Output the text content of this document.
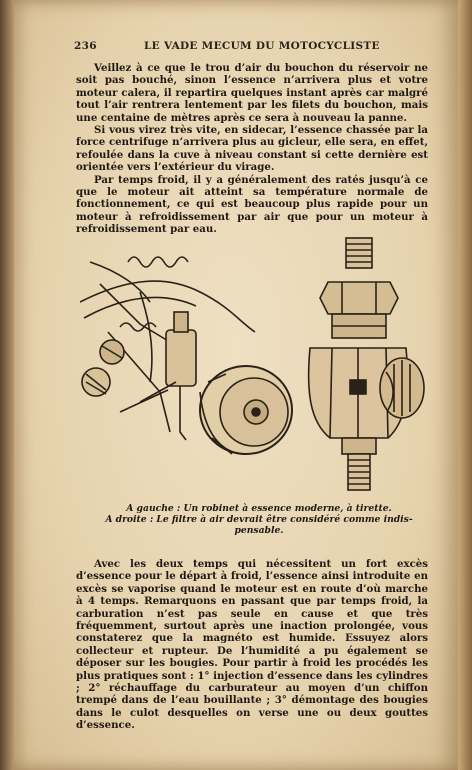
236	LE VADE MECUM DU MOTOCYCLISTE

Veillez à ce que le trou d’air du bouchon du réservoir ne soit pas bouché, sinon l’essence n’arrivera plus et votre moteur calera, il repartira quelques instant après car malgré tout l’air rentrera lentement par les filets du bouchon, mais une centaine de mètres après ce sera à nouveau la panne.

Si vous virez très vite, en sidecar, l’essence chassée par la force centrifuge n’arrivera plus au gicleur, elle sera, en effet, refoulée dans la cuve à niveau constant si cette dernière est orientée vers l’extérieur du virage.

Par temps froid, il y a généralement des ratés jusqu’à ce que le moteur ait atteint sa température normale de fonctionnement, ce qui est beaucoup plus rapide pour un moteur à refroidissement par air que pour un moteur à refroidissement par eau.

A gauche : Un robinet à essence moderne, à tirette.
A droite : Le filtre à air devrait être considéré comme indis-
pensable.

Avec les deux temps qui nécessitent un fort excès d’essence pour le départ à froid, l’essence ainsi introduite en excès se vaporise quand le moteur est en route d’où marche à 4 temps. Remarquons en passant que par temps froid, la carburation n’est pas seule en cause et que très fréquemment, surtout après une inaction prolongée, vous constaterez que la magnéto est humide. Essuyez alors collecteur et rupteur. De l’humidité a pu également se déposer sur les bougies. Pour partir à froid les procédés les plus pratiques sont : 1° injection d’essence dans les cylindres ; 2° réchauffage du carburateur au moyen d’un chiffon trempé dans de l’eau bouillante ; 3° démontage des bougies dans le culot desquelles on verse une ou deux gouttes d’essence.
